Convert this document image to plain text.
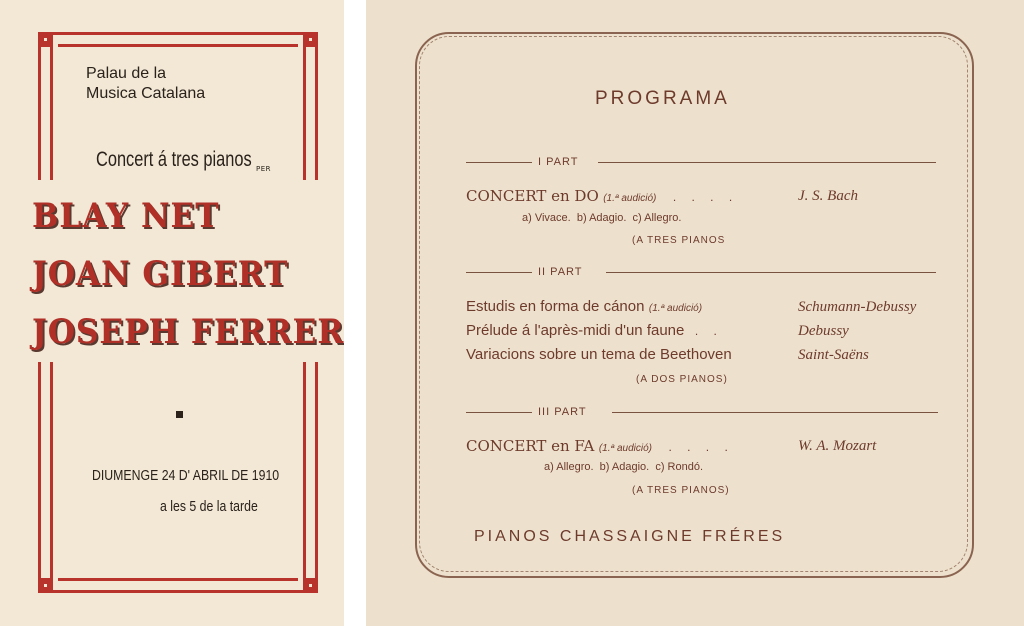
Palau de la
Musica Catalana
Concert á tres pianos PER
BLAY NET
JOAN GIBERT
JOSEPH FERRER
DIUMENGE 24 D' ABRIL DE 1910
a les 5 de la tarde
PROGRAMA
I PART
CONCERT en DO (1.ª audició) . . . .	J. S. Bach
a) Vivace. b) Adagio. c) Allegro.
(A TRES PIANOS
II PART
Estudis en forma de cánon (1.ª audició)	Schumann-Debussy
Prélude á l'après-midi d'un faune . .	Debussy
Variacions sobre un tema de Beethoven	Saint-Saëns
(A DOS PIANOS)
III PART
CONCERT en FA (1.ª audició) . . . .	W. A. Mozart
a) Allegro. b) Adagio. c) Rondó.
(A TRES PIANOS)
PIANOS CHASSAIGNE FRÉRES
